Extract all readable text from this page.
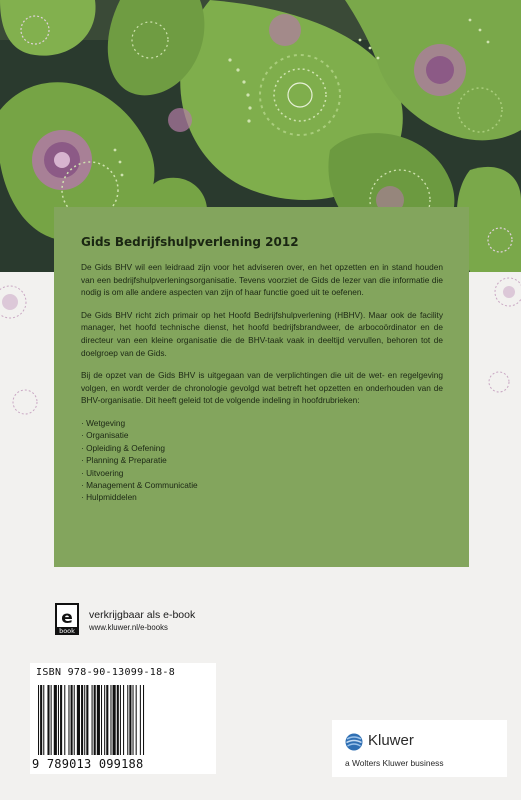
Gids Bedrijfshulpverlening 2012

De Gids BHV wil een leidraad zijn voor het adviseren over, en het opzetten en in stand houden van een bedrijfshulpverleningsorganisatie. Tevens voorziet de Gids de lezer van die informatie die nodig is om alle andere aspecten van zijn of haar functie goed uit te oefenen.

De Gids BHV richt zich primair op het Hoofd Bedrijfshulpverlening (HBHV). Maar ook de facility manager, het hoofd technische dienst, het hoofd bedrijfsbrandweer, de arbocoördinator en de directeur van een kleine organisatie die de BHV-taak vaak in deeltijd vervullen, behoren tot de doelgroep van de Gids.

Bij de opzet van de Gids BHV is uitgegaan van de verplichtingen die uit de wet- en regelgeving volgen, en wordt verder de chronologie gevolgd wat betreft het opzetten en onderhouden van de BHV-organisatie. Dit heeft geleid tot de volgende indeling in hoofdrubrieken:

· Wetgeving
· Organisatie
· Opleiding & Oefening
· Planning & Preparatie
· Uitvoering
· Management & Communicatie
· Hulpmiddelen
e
book
verkrijgbaar als e-book
www.kluwer.nl/e-books
ISBN 978-90-13099-18-8
9 789013 099188
Kluwer
a Wolters Kluwer business
